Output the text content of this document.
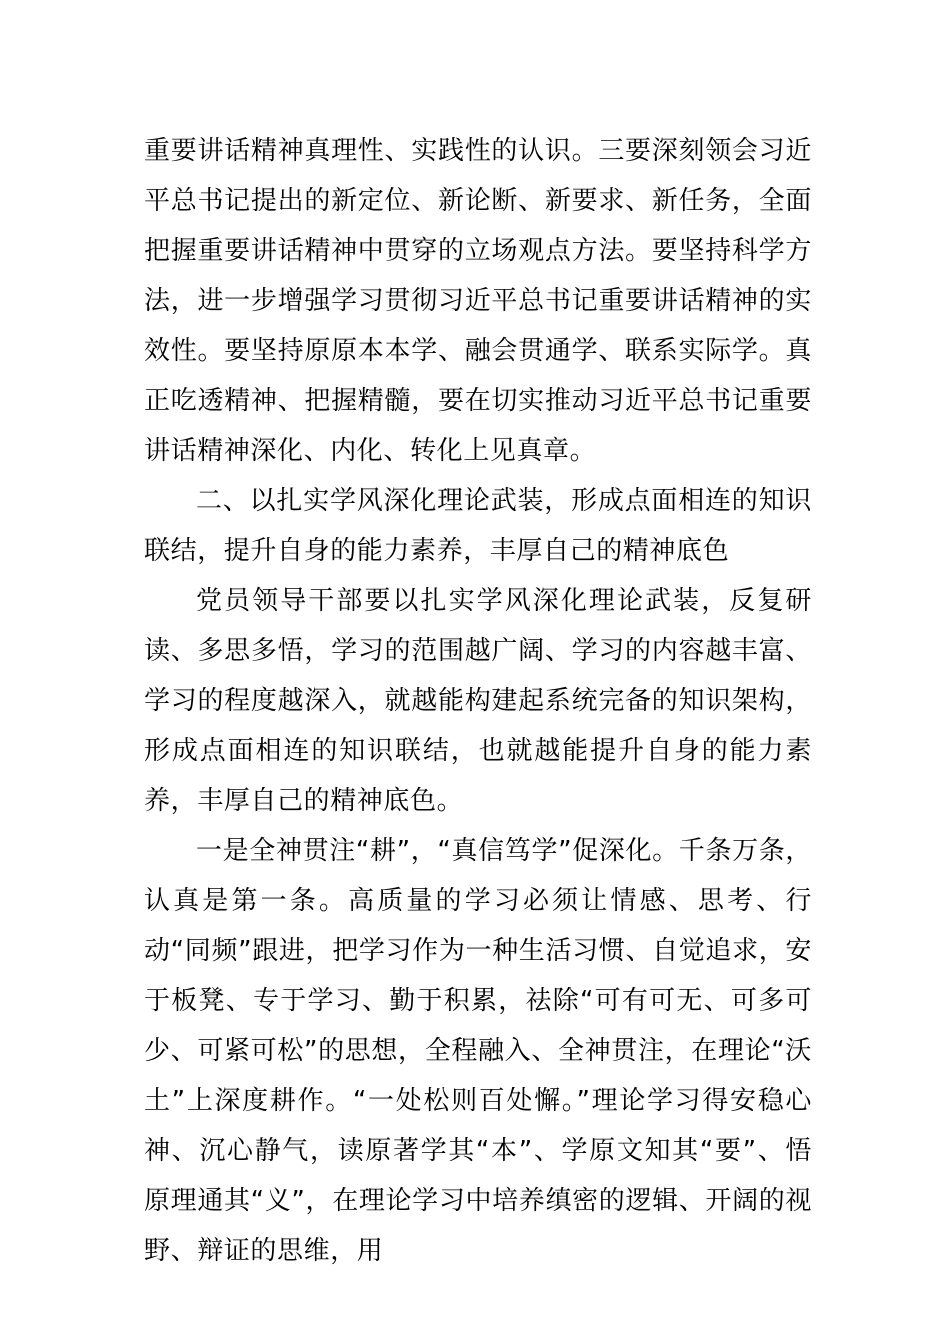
重要讲话精神真理性、实践性的认识。三要深刻领会习近平总书记提出的新定位、新论断、新要求、新任务，全面把握重要讲话精神中贯穿的立场观点方法。要坚持科学方法，进一步增强学习贯彻习近平总书记重要讲话精神的实效性。要坚持原原本本学、融会贯通学、联系实际学。真正吃透精神、把握精髓，要在切实推动习近平总书记重要讲话精神深化、内化、转化上见真章。

二、以扎实学风深化理论武装，形成点面相连的知识联结，提升自身的能力素养，丰厚自己的精神底色

党员领导干部要以扎实学风深化理论武装，反复研读、多思多悟，学习的范围越广阔、学习的内容越丰富、学习的程度越深入，就越能构建起系统完备的知识架构，形成点面相连的知识联结，也就越能提升自身的能力素养，丰厚自己的精神底色。

一是全神贯注“耕”，“真信笃学”促深化。千条万条，认真是第一条。高质量的学习必须让情感、思考、行动“同频”跟进，把学习作为一种生活习惯、自觉追求，安于板凳、专于学习、勤于积累，祛除“可有可无、可多可少、可紧可松”的思想，全程融入、全神贯注，在理论“沃土”上深度耕作。“一处松则百处懈。”理论学习得安稳心神、沉心静气，读原著学其“本”、学原文知其“要”、悟原理通其“义”，在理论学习中培养缜密的逻辑、开阔的视野、辩证的思维，用
